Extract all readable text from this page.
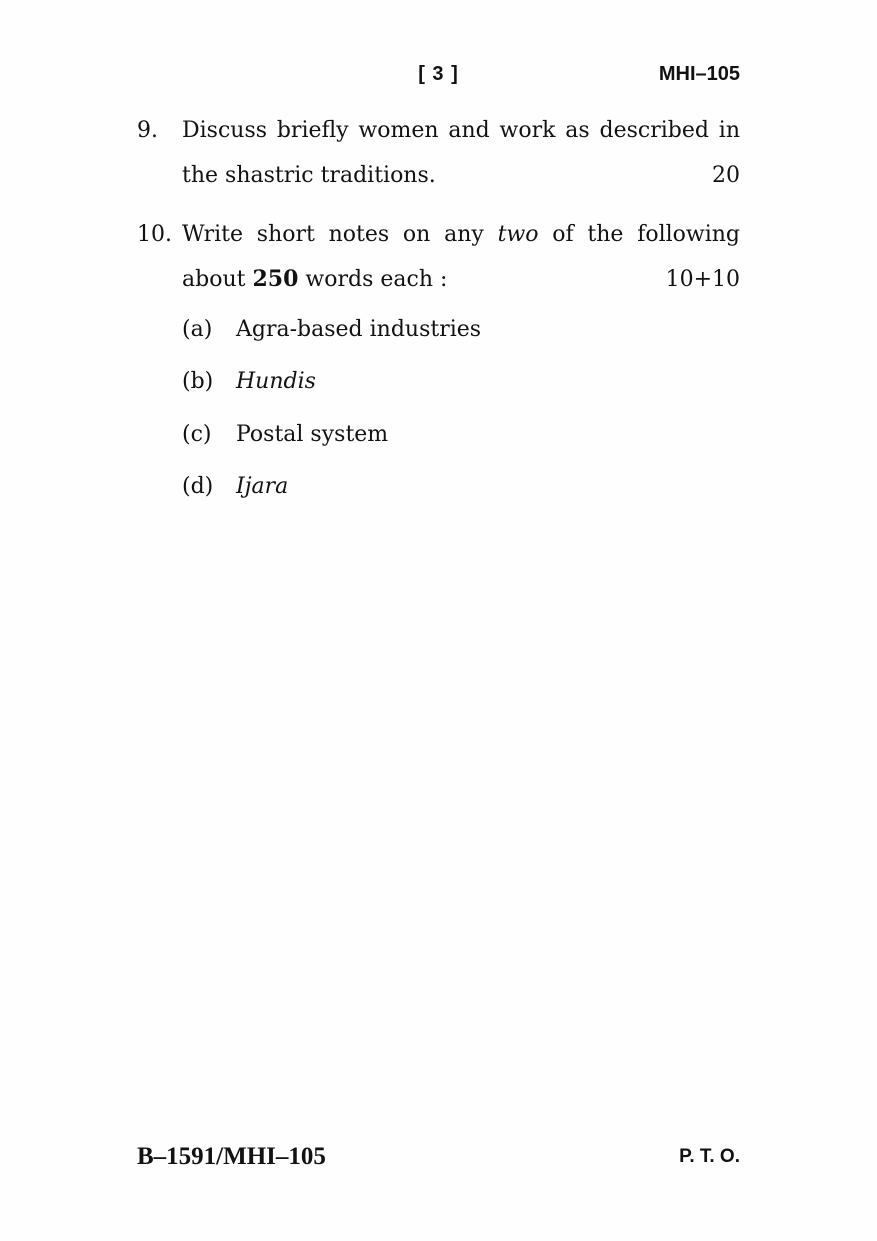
[ 3 ]	MHI–105
9. Discuss briefly women and work as described in
the shastric traditions.	20
10. Write short notes on any two of the following
about 250 words each :	10+10
(a) Agra-based industries
(b) Hundis
(c) Postal system
(d) Ijara
B–1591/MHI–105	P. T. O.
